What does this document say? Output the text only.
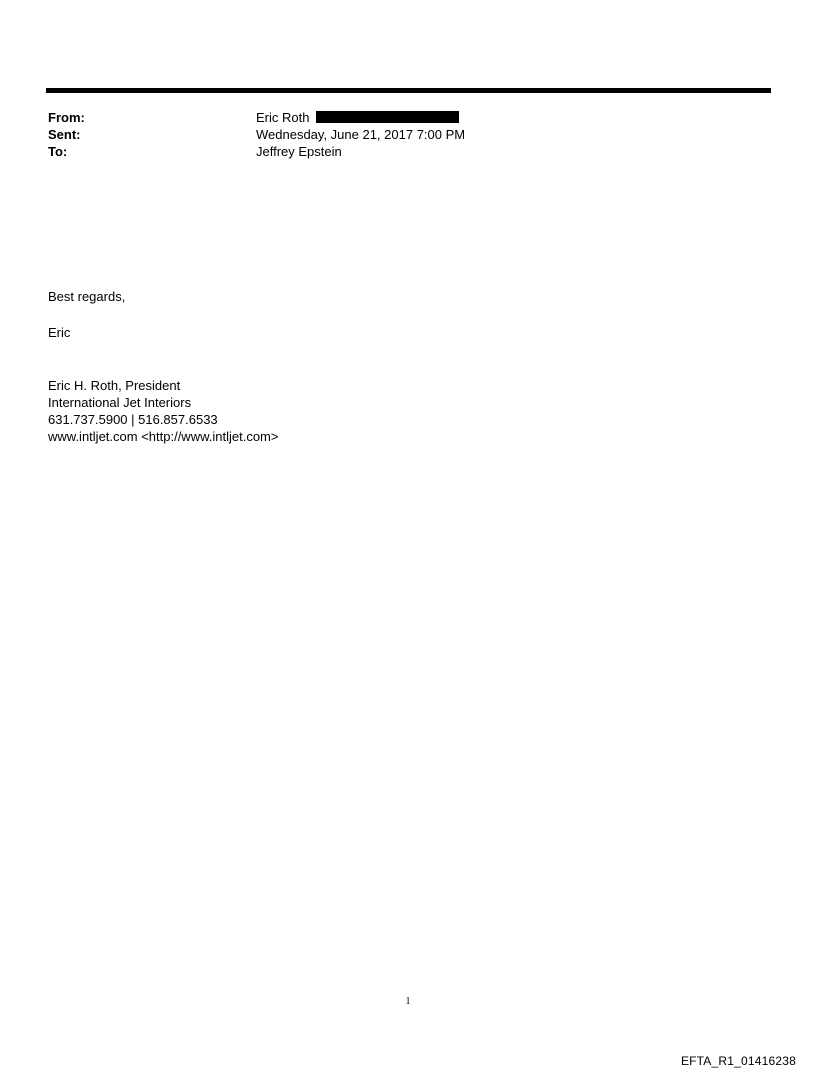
From:	Eric Roth
Sent:	Wednesday, June 21, 2017 7:00 PM
To:	Jeffrey Epstein
Best regards,
Eric
Eric H. Roth, President
International Jet Interiors
631.737.5900 | 516.857.6533
www.intljet.com <http://www.intljet.com>
1
EFTA_R1_01416238
